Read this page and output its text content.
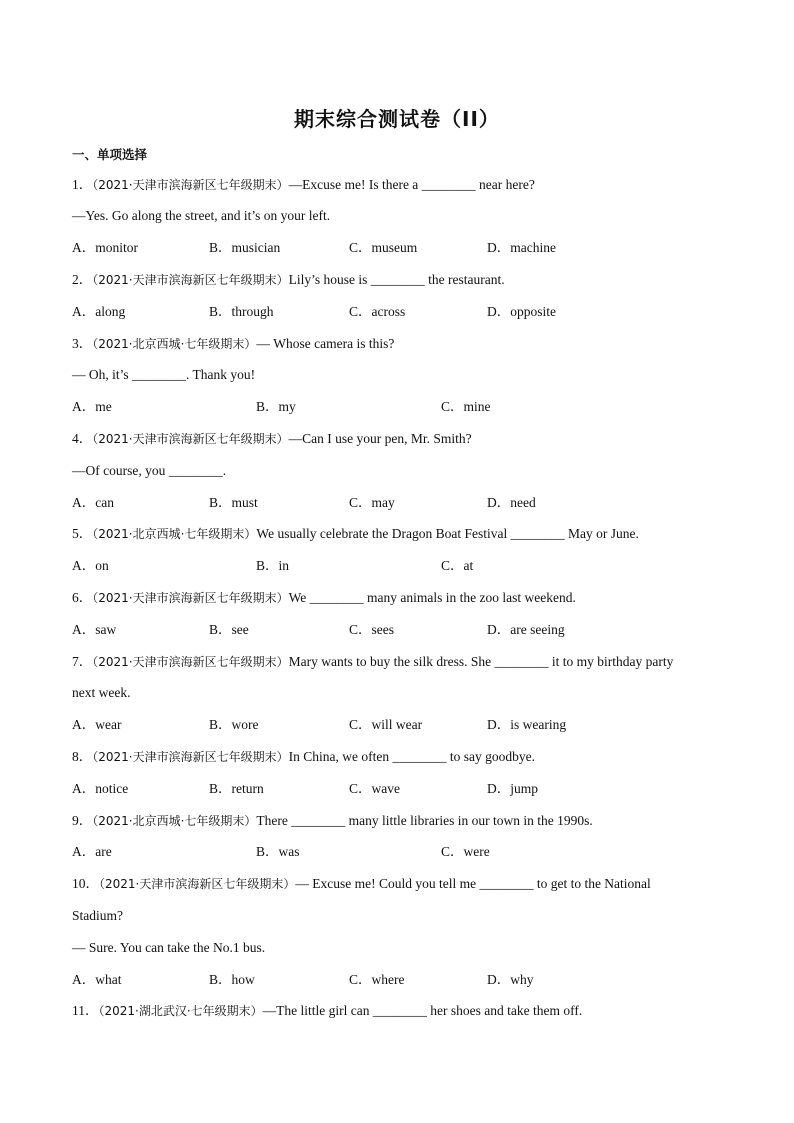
期末综合测试卷（II）
一、单项选择
1．（2021·天津市滨海新区七年级期末）—Excuse me! Is there a ________ near here?
—Yes. Go along the street, and it’s on your left.
A．monitor	B．musician	C．museum	D．machine
2．（2021·天津市滨海新区七年级期末）Lily’s house is ________ the restaurant.
A．along	B．through	C．across	D．opposite
3．（2021·北京西城·七年级期末）— Whose camera is this?
— Oh, it’s ________. Thank you!
A．me	B．my	C．mine
4．（2021·天津市滨海新区七年级期末）—Can I use your pen, Mr. Smith?
—Of course, you ________.
A．can	B．must	C．may	D．need
5．（2021·北京西城·七年级期末）We usually celebrate the Dragon Boat Festival ________ May or June.
A．on	B．in	C．at
6．（2021·天津市滨海新区七年级期末）We ________ many animals in the zoo last weekend.
A．saw	B．see	C．sees	D．are seeing
7．（2021·天津市滨海新区七年级期末）Mary wants to buy the silk dress. She ________ it to my birthday party
next week.
A．wear	B．wore	C．will wear	D．is wearing
8．（2021·天津市滨海新区七年级期末）In China, we often ________ to say goodbye.
A．notice	B．return	C．wave	D．jump
9．（2021·北京西城·七年级期末）There ________ many little libraries in our town in the 1990s.
A．are	B．was	C．were
10．（2021·天津市滨海新区七年级期末）— Excuse me! Could you tell me ________ to get to the National
Stadium?
— Sure. You can take the No.1 bus.
A．what	B．how	C．where	D．why
11．（2021·湖北武汉·七年级期末）—The little girl can ________ her shoes and take them off.
